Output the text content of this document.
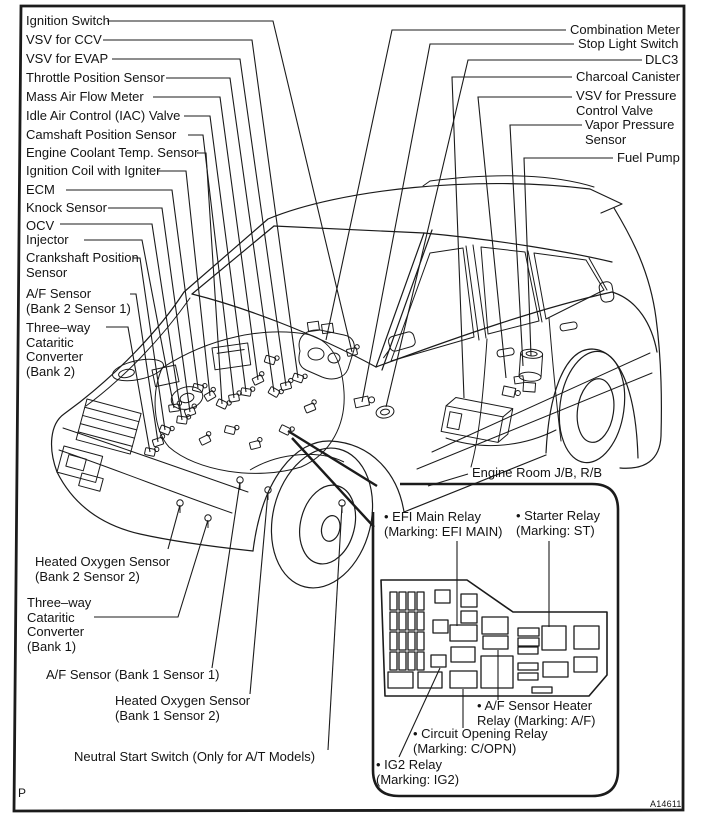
Ignition Switch
VSV for CCV
VSV for EVAP
Throttle Position Sensor
Mass Air Flow Meter
Idle Air Control (IAC) Valve
Camshaft Position Sensor
Engine Coolant Temp. Sensor
Ignition Coil with Igniter
ECM
Knock Sensor
OCV
Injector
Crankshaft Position
Sensor
A/F Sensor
(Bank 2 Sensor 1)
Three–way
Cataritic
Converter
(Bank 2)
Combination Meter
Stop Light Switch
DLC3
Charcoal Canister
VSV for Pressure
Control Valve
Vapor Pressure
Sensor
Fuel Pump
Heated Oxygen Sensor
(Bank 2 Sensor 2)
Three–way
Cataritic
Converter
(Bank 1)
A/F Sensor (Bank 1 Sensor 1)
Heated Oxygen Sensor
(Bank 1 Sensor 2)
Neutral Start Switch (Only for A/T Models)
Engine Room J/B, R/B
• EFI Main Relay
(Marking: EFI MAIN)
• Starter Relay
(Marking: ST)
• A/F Sensor Heater
Relay (Marking: A/F)
• Circuit Opening Relay
(Marking: C/OPN)
• IG2 Relay
(Marking: IG2)
P
A14611
